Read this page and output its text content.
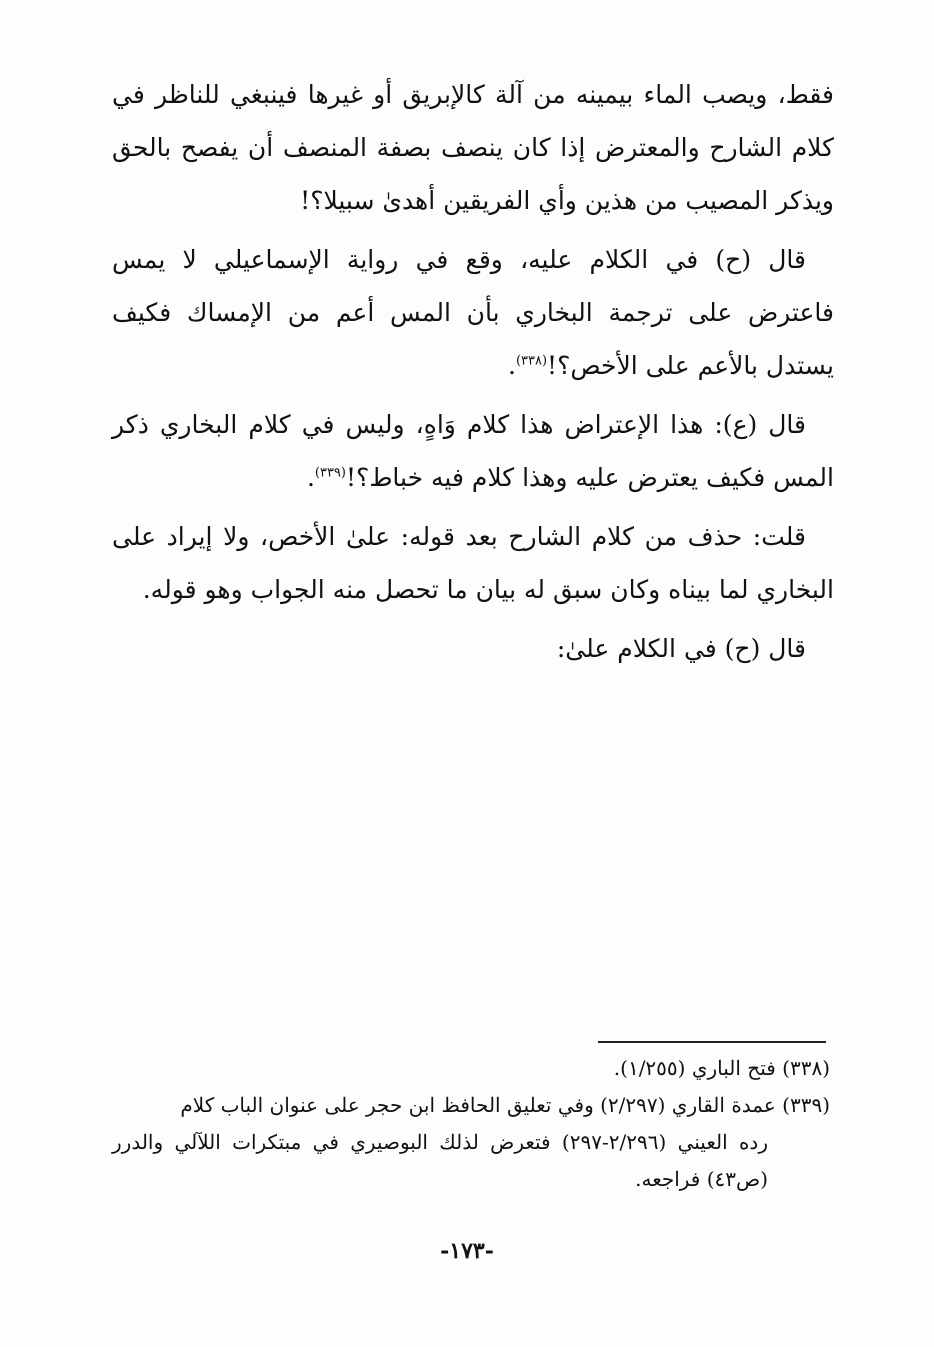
فقط، ويصب الماء بيمينه من آلة كالإبريق أو غيرها فينبغي للناظر في كلام الشارح والمعترض إذا كان ينصف بصفة المنصف أن يفصح بالحق ويذكر المصيب من هذين وأي الفريقين أهدىٰ سبيلا؟!

قال (ح) في الكلام عليه، وقع في رواية الإسماعيلي لا يمس فاعترض على ترجمة البخاري بأن المس أعم من الإمساك فكيف يستدل بالأعم على الأخص؟!$^{(٣٣٨)}$.

قال (ع): هذا الإعتراض هذا كلام وَاهٍ، وليس في كلام البخاري ذكر المس فكيف يعترض عليه وهذا كلام فيه خباط؟!$^{(٣٣٩)}$.

قلت: حذف من كلام الشارح بعد قوله: علىٰ الأخص، ولا إيراد على البخاري لما بيناه وكان سبق له بيان ما تحصل منه الجواب وهو قوله.

قال (ح) في الكلام علىٰ:

(٣٣٨) فتح الباري (١/٢٥٥).

(٣٣٩) عمدة القاري (٢/٢٩٧) وفي تعليق الحافظ ابن حجر على عنوان الباب كلام
رده العيني (٢/٢٩٦-٢٩٧) فتعرض لذلك البوصيري في مبتكرات اللآلي والدرر (ص٤٣) فراجعه.

-١٧٣-
